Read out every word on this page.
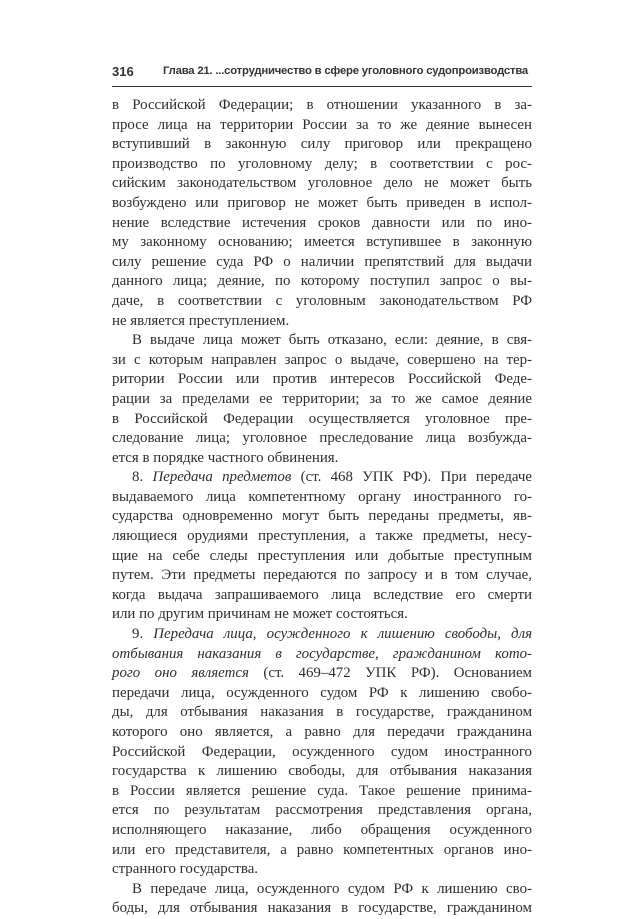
316	Глава 21. ...сотрудничество в сфере уголовного судопроизводства
в Российской Федерации; в отношении указанного в за-
просе лица на территории России за то же деяние вынесен
вступивший в законную силу приговор или прекращено
производство по уголовному делу; в соответствии с рос-
сийским законодательством уголовное дело не может быть
возбуждено или приговор не может быть приведен в испол-
нение вследствие истечения сроков давности или по ино-
му законному основанию; имеется вступившее в законную
силу решение суда РФ о наличии препятствий для выдачи
данного лица; деяние, по которому поступил запрос о вы-
даче, в соответствии с уголовным законодательством РФ
не является преступлением.
В выдаче лица может быть отказано, если: деяние, в свя-
зи с которым направлен запрос о выдаче, совершено на тер-
ритории России или против интересов Российской Феде-
рации за пределами ее территории; за то же самое деяние
в Российской Федерации осуществляется уголовное пре-
следование лица; уголовное преследование лица возбужда-
ется в порядке частного обвинения.
8. Передача предметов (ст. 468 УПК РФ). При передаче
выдаваемого лица компетентному органу иностранного го-
сударства одновременно могут быть переданы предметы, яв-
ляющиеся орудиями преступления, а также предметы, несу-
щие на себе следы преступления или добытые преступным
путем. Эти предметы передаются по запросу и в том случае,
когда выдача запрашиваемого лица вследствие его смерти
или по другим причинам не может состояться.
9. Передача лица, осужденного к лишению свободы, для
отбывания наказания в государстве, гражданином кото-
рого оно является (ст. 469–472 УПК РФ). Основанием
передачи лица, осужденного судом РФ к лишению свобо-
ды, для отбывания наказания в государстве, гражданином
которого оно является, а равно для передачи гражданина
Российской Федерации, осужденного судом иностранного
государства к лишению свободы, для отбывания наказания
в России является решение суда. Такое решение принима-
ется по результатам рассмотрения представления органа,
исполняющего наказание, либо обращения осужденного
или его представителя, а равно компетентных органов ино-
странного государства.
В передаче лица, осужденного судом РФ к лишению сво-
боды, для отбывания наказания в государстве, гражданином
